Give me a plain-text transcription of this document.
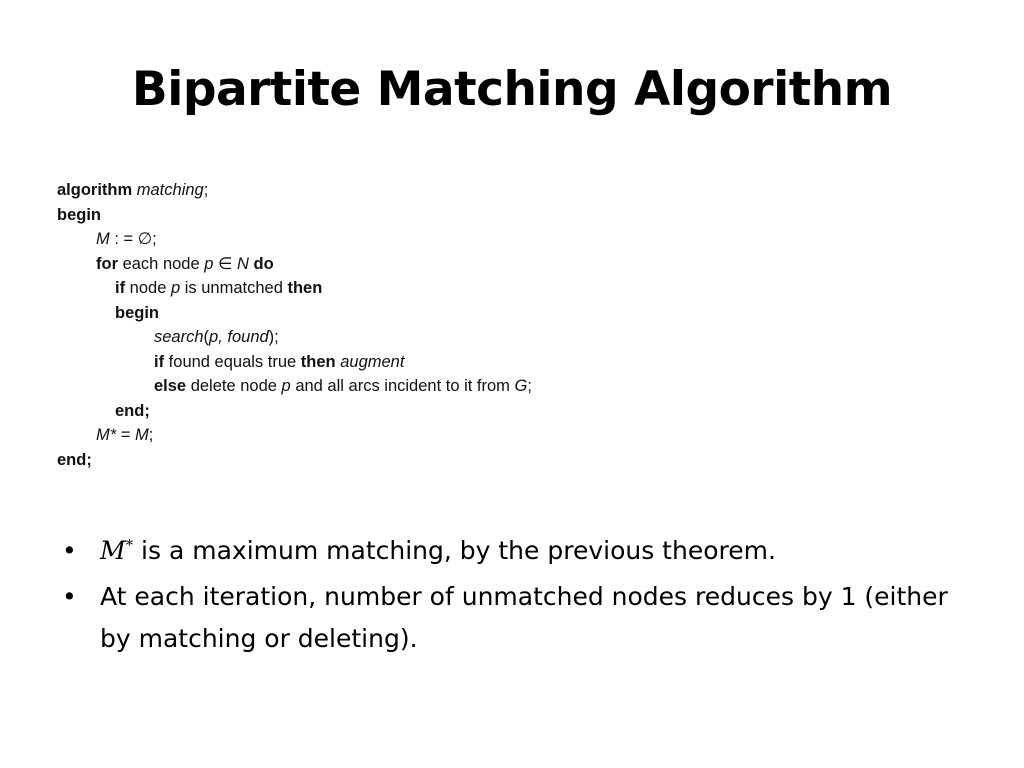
Bipartite Matching Algorithm
algorithm matching;
begin
M : = ∅;
for each node p ∈ N do
if node p is unmatched then
begin
search(p, found);
if found equals true then augment
else delete node p and all arcs incident to it from G;
end;
M* = M;
end;
• M* is a maximum matching, by the previous theorem.
• At each iteration, number of unmatched nodes reduces by 1 (either by matching or deleting).
